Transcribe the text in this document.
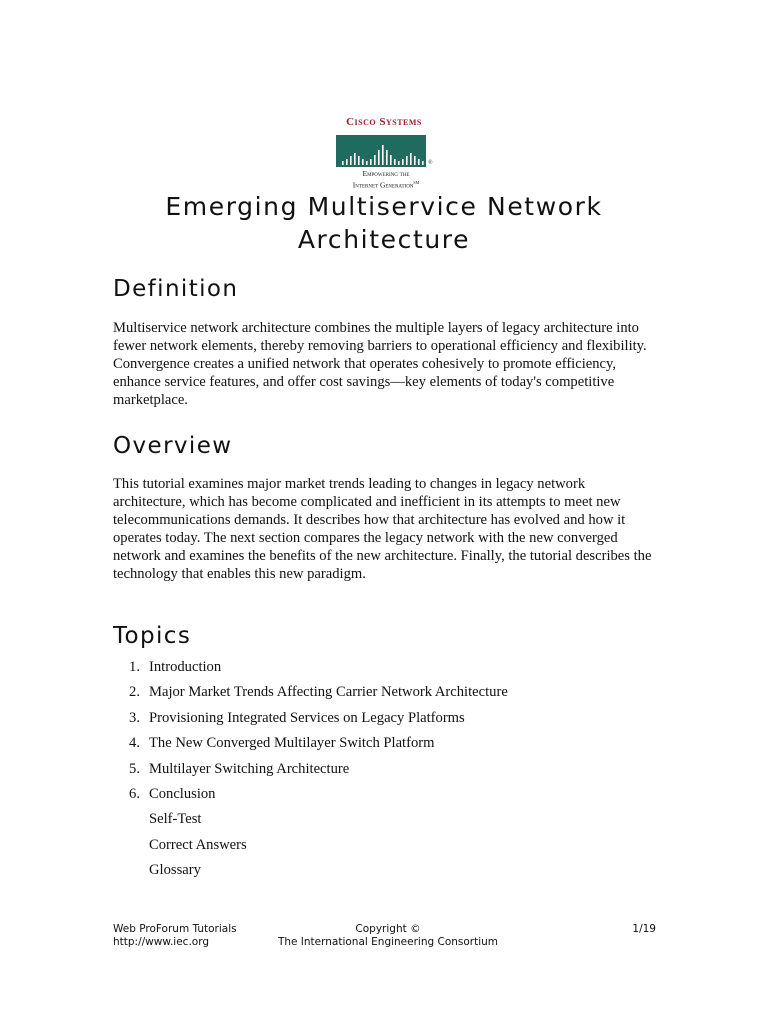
Cisco Systems
®
Empowering the
Internet Generation℠
Emerging Multiservice Network Architecture
Definition

Multiservice network architecture combines the multiple layers of legacy architecture into fewer network elements, thereby removing barriers to operational efficiency and flexibility. Convergence creates a unified network that operates cohesively to promote efficiency, enhance service features, and offer cost savings—key elements of today's competitive marketplace.

Overview

This tutorial examines major market trends leading to changes in legacy network architecture, which has become complicated and inefficient in its attempts to meet new telecommunications demands. It describes how that architecture has evolved and how it operates today. The next section compares the legacy network with the new converged network and examines the benefits of the new architecture. Finally, the tutorial describes the technology that enables this new paradigm.

Topics
1. Introduction
2. Major Market Trends Affecting Carrier Network Architecture
3. Provisioning Integrated Services on Legacy Platforms
4. The New Converged Multilayer Switch Platform
5. Multilayer Switching Architecture
6. Conclusion
Self-Test
Correct Answers
Glossary
Web ProForum Tutorials
http://www.iec.org
Copyright ©
The International Engineering Consortium
1/19
